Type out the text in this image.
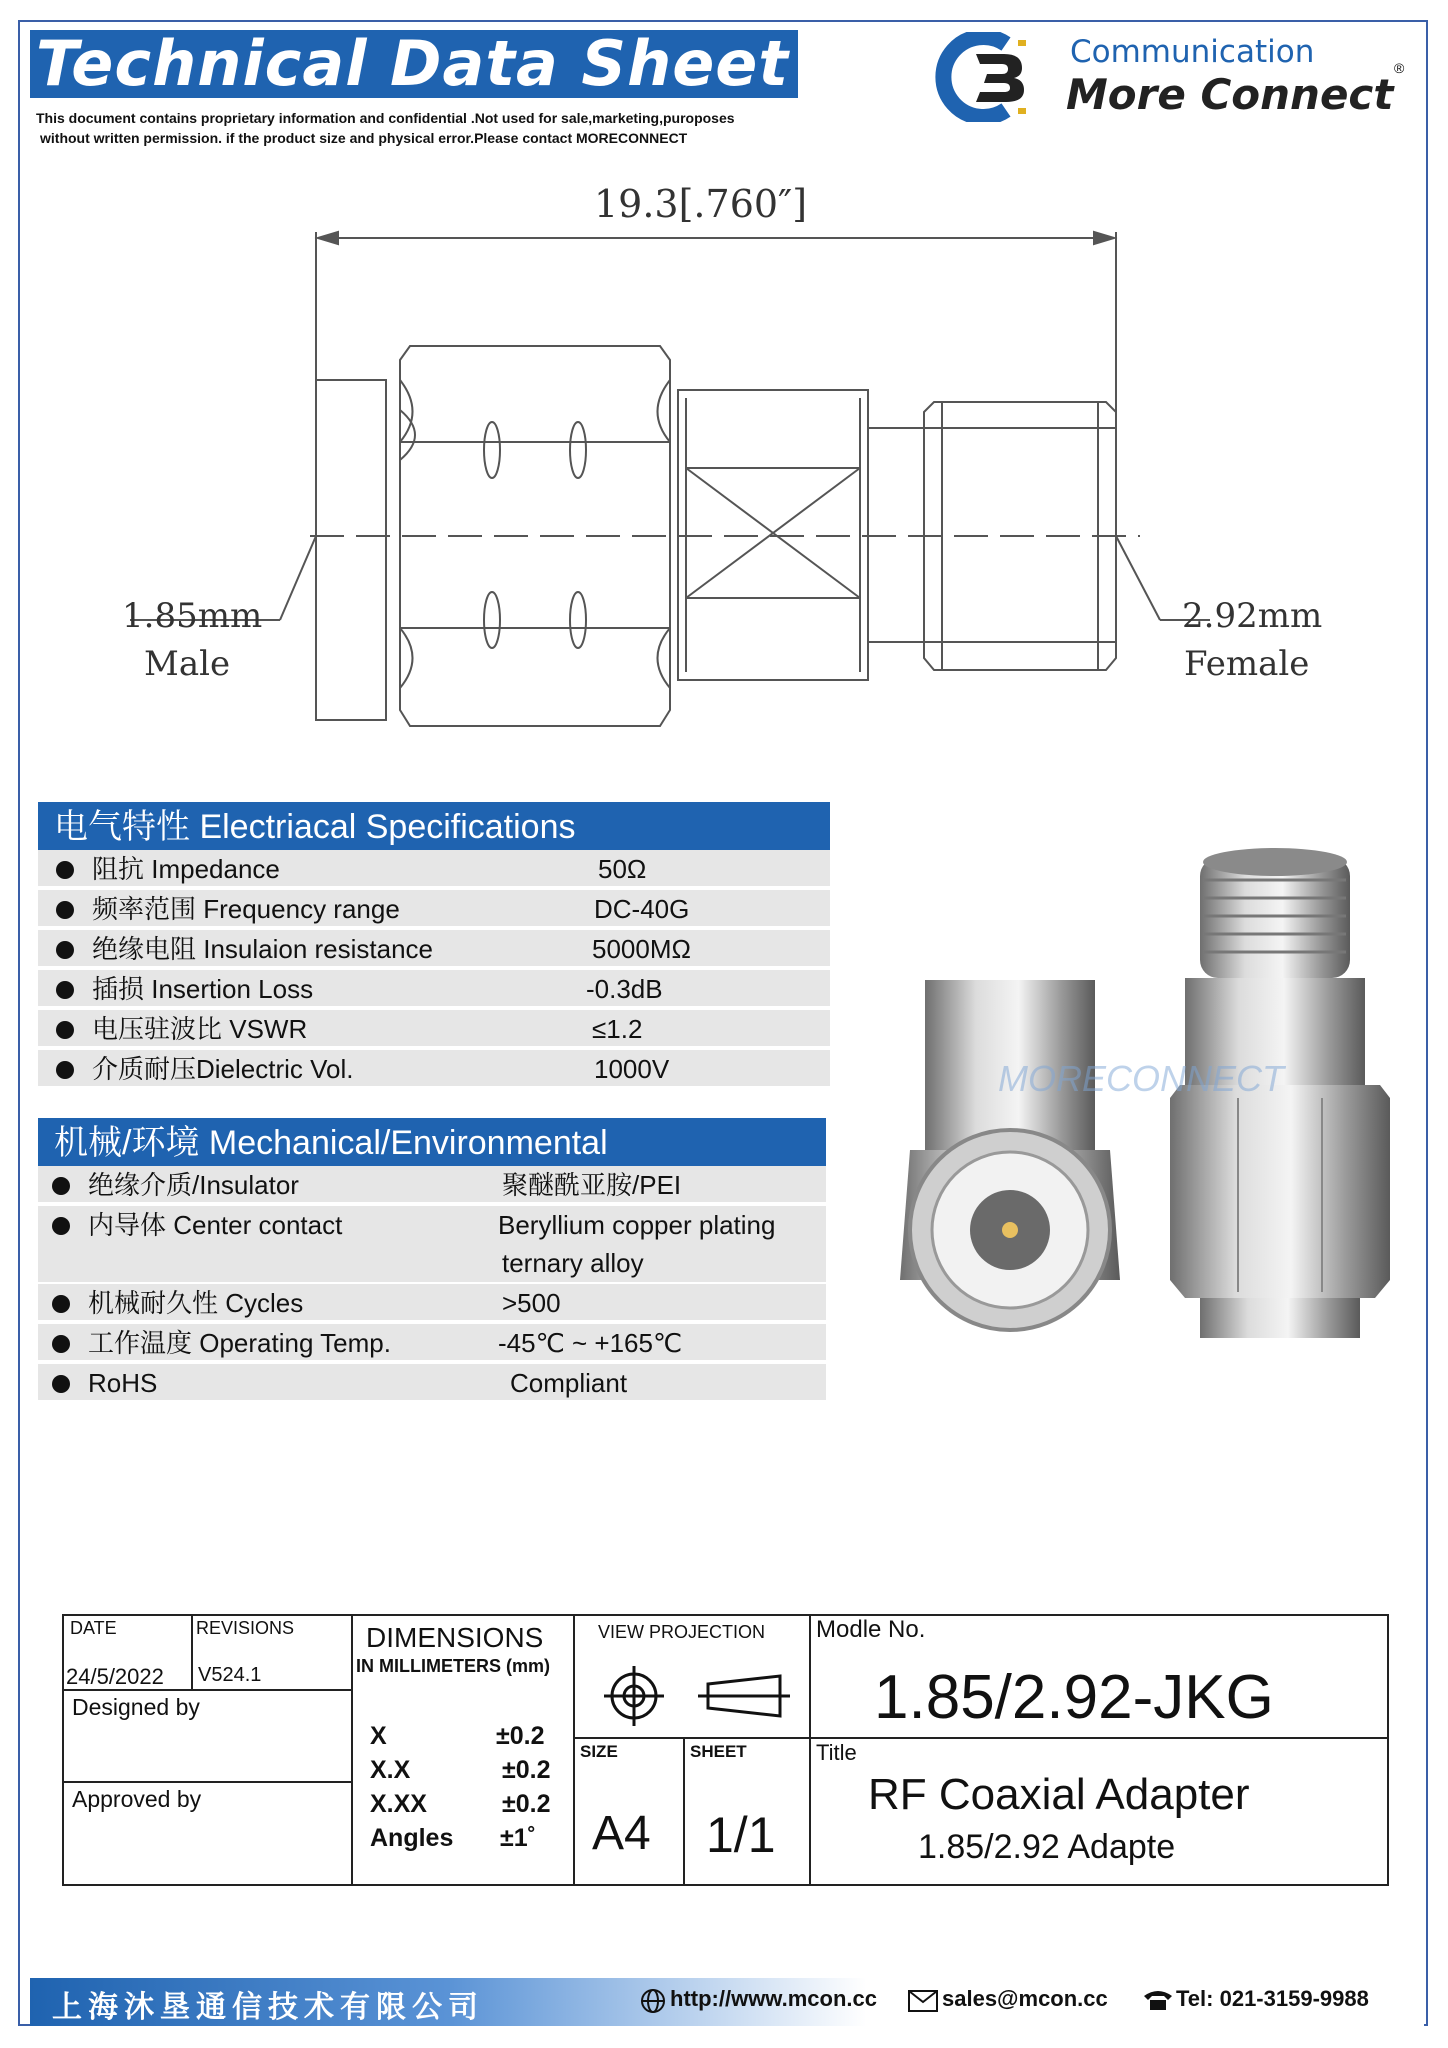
Technical Data Sheet
This document contains proprietary information and confidential .Not used for sale,marketing,puroposes
without written permission. if the product size and physical error.Please contact MORECONNECT
Communication
More Connect
®
19.3[.760″]
1.85mm
Male
2.92mm
Female
电气特性 Electriacal Specifications
阻抗 Impedance	50Ω
频率范围 Frequency range	DC-40G
绝缘电阻 Insulaion resistance	5000MΩ
插损 Insertion Loss	-0.3dB
电压驻波比 VSWR	≤1.2
介质耐压Dielectric Vol.	1000V
机械/环境 Mechanical/Environmental
绝缘介质/Insulator	聚醚酰亚胺/PEI
内导体 Center contact	Beryllium copper plating
ternary alloy
机械耐久性 Cycles	>500
工作温度 Operating Temp.	-45℃ ~ +165℃
RoHS	Compliant
MORECONNECT
DATE	REVISIONS
24/5/2022 V524.1
Designed by
Approved by
DIMENSIONS
IN MILLIMETERS (mm)
X	±0.2
X.X	±0.2
X.XX	±0.2
Angles ±1˚
VIEW PROJECTION
SIZE
A4
SHEET
1/1
Modle No.
1.85/2.92-JKG
Title
RF Coaxial Adapter
1.85/2.92 Adapte
上海沐垦通信技术有限公司	http://www.mcon.cc	sales@mcon.cc	Tel: 021-3159-9988
